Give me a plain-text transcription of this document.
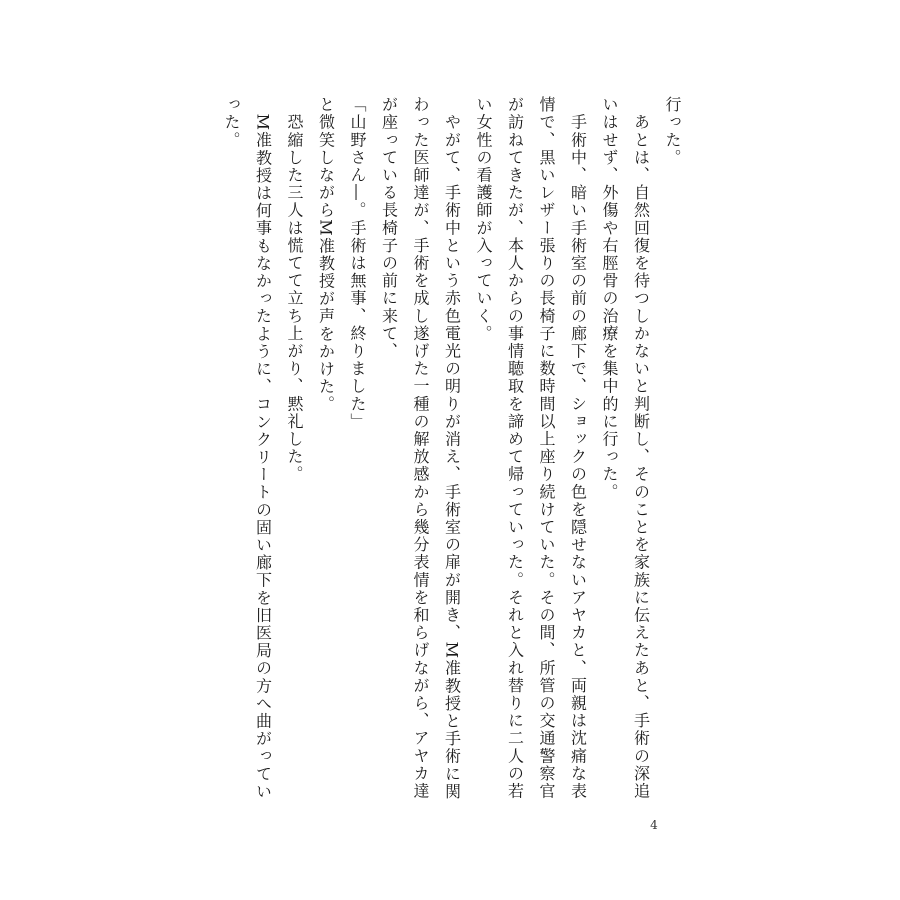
行った。
　あとは、自然回復を待つしかないと判断し、そのことを家族に伝えたあと、手術の深追
いはせず、外傷や右脛骨の治療を集中的に行った。
　手術中、暗い手術室の前の廊下で、ショックの色を隠せないアヤカと、両親は沈痛な表
情で、黒いレザー張りの長椅子に数時間以上座り続けていた。その間、所管の交通警察官
が訪ねてきたが、本人からの事情聴取を諦めて帰っていった。それと入れ替りに二人の若
い女性の看護師が入っていく。
　やがて、手術中という赤色電光の明りが消え、手術室の扉が開き、M准教授と手術に関
わった医師達が、手術を成し遂げた一種の解放感から幾分表情を和らげながら、アヤカ達
が座っている長椅子の前に来て、
「山野さん―。手術は無事、終りました」
と微笑しながらM准教授が声をかけた。
　恐縮した三人は慌てて立ち上がり、黙礼した。
　M准教授は何事もなかったように、コンクリートの固い廊下を旧医局の方へ曲がってい
った。
4
